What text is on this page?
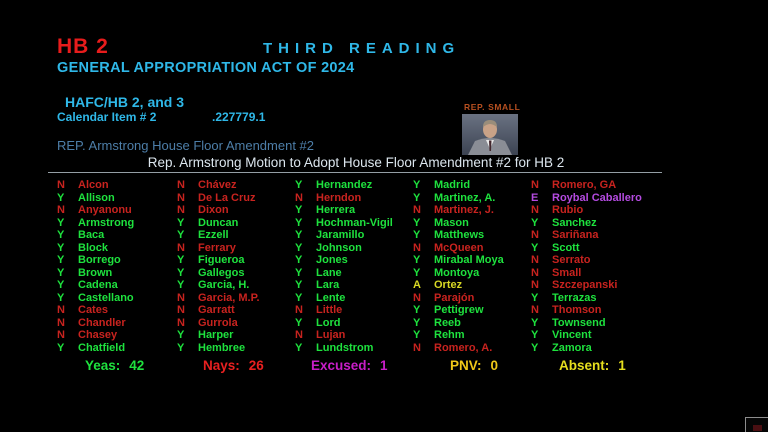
HB 2	THIRD READING
GENERAL APPROPRIATION ACT OF 2024
HAFC/HB 2, and 3
Calendar Item # 2	.227779.1
REP. SMALL
REP. Armstrong House Floor Amendment #2
Rep. Armstrong Motion to Adopt House Floor Amendment #2 for HB 2
N Alcon
Y Allison
N Anyanonu
Y Armstrong
Y Baca
Y Block
Y Borrego
Y Brown
Y Cadena
Y Castellano
N Cates
N Chandler
N Chasey
Y Chatfield
N Chávez
N De La Cruz
N Dixon
Y Duncan
Y Ezzell
N Ferrary
Y Figueroa
Y Gallegos
Y Garcia, H.
N Garcia, M.P.
N Garratt
N Gurrola
Y Harper
Y Hembree
Y Hernandez
N Herndon
Y Herrera
Y Hochman-Vigil
Y Jaramillo
Y Johnson
Y Jones
Y Lane
Y Lara
Y Lente
N Little
Y Lord
N Lujan
Y Lundstrom
Y Madrid
Y Martinez, A.
N Martinez, J.
Y Mason
Y Matthews
N McQueen
Y Mirabal Moya
Y Montoya
A Ortez
N Parajón
Y Pettigrew
Y Reeb
Y Rehm
N Romero, A.
N Romero, GA
E Roybal Caballero
N Rubio
Y Sanchez
N Sariñana
Y Scott
N Serrato
N Small
N Szczepanski
Y Terrazas
N Thomson
Y Townsend
Y Vincent
Y Zamora
Yeas: 42	Nays: 26	Excused: 1	PNV: 0	Absent: 1
